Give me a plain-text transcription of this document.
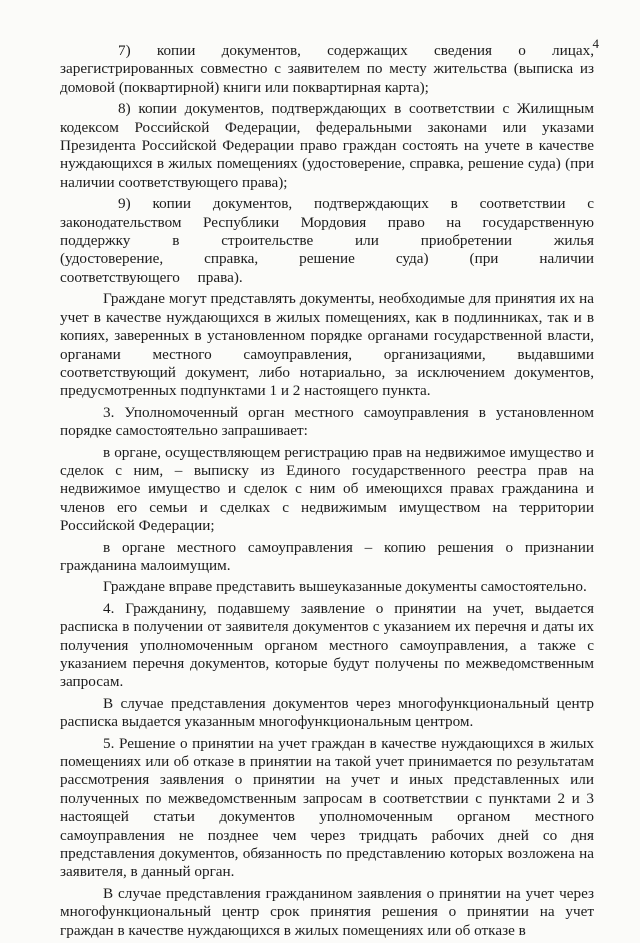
4

7) копии документов, содержащих сведения о лицах, зарегистрированных совместно с заявителем по месту жительства (выписка из домовой (поквартирной) книги или поквартирная карта);

8) копии документов, подтверждающих в соответствии с Жилищным кодексом Российской Федерации, федеральными законами или указами Президента Российской Федерации право граждан состоять на учете в качестве нуждающихся в жилых помещениях (удостоверение, справка, решение суда) (при наличии соответствующего права);

9) копии документов, подтверждающих в соответствии с законодательством Республики Мордовия право на государственную поддержку в строительстве или приобретении жилья (удостоверение, справка, решение суда) (при наличии соответствующего права).

Граждане могут представлять документы, необходимые для принятия их на учет в качестве нуждающихся в жилых помещениях, как в подлинниках, так и в копиях, заверенных в установленном порядке органами государственной власти, органами местного самоуправления, организациями, выдавшими соответствующий документ, либо нотариально, за исключением документов, предусмотренных подпунктами 1 и 2 настоящего пункта.

3. Уполномоченный орган местного самоуправления в установленном порядке самостоятельно запрашивает:

в органе, осуществляющем регистрацию прав на недвижимое имущество и сделок с ним, – выписку из Единого государственного реестра прав на недвижимое имущество и сделок с ним об имеющихся правах гражданина и членов его семьи и сделках с недвижимым имуществом на территории Российской Федерации;

в органе местного самоуправления – копию решения о признании гражданина малоимущим.

Граждане вправе представить вышеуказанные документы самостоятельно.

4. Гражданину, подавшему заявление о принятии на учет, выдается расписка в получении от заявителя документов с указанием их перечня и даты их получения уполномоченным органом местного самоуправления, а также с указанием перечня документов, которые будут получены по межведомственным запросам.

В случае представления документов через многофункциональный центр расписка выдается указанным многофункциональным центром.

5. Решение о принятии на учет граждан в качестве нуждающихся в жилых помещениях или об отказе в принятии на такой учет принимается по результатам рассмотрения заявления о принятии на учет и иных представленных или полученных по межведомственным запросам в соответствии с пунктами 2 и 3 настоящей статьи документов уполномоченным органом местного самоуправления не позднее чем через тридцать рабочих дней со дня представления документов, обязанность по представлению которых возложена на заявителя, в данный орган.

В случае представления гражданином заявления о принятии на учет через многофункциональный центр срок принятия решения о принятии на учет граждан в качестве нуждающихся в жилых помещениях или об отказе в
